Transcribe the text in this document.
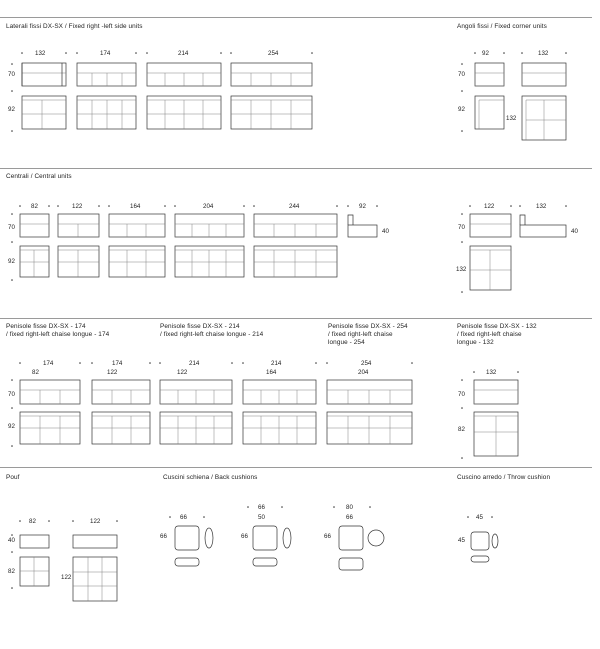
Laterali fissi DX-SX / Fixed right -left side units	Angoli fissi / Fixed corner units
Centrali / Central units
Penisole fisse DX-SX - 174
/ fixed right-left chaise longue - 174
Penisole fisse DX-SX - 214
/ fixed right-left chaise longue - 214
Penisole fisse DX-SX - 254
/ fixed right-left chaise
longue - 254
Penisole fisse DX-SX - 132
/ fixed right-left chaise
longue - 132
Pouf	Cuscini schiena / Back cushions	Cuscino arredo / Throw cushion
132	174	214	254
70
92
92	132
70
92
132
82	122	164	204	244	92
70
92
40
122	132
70
132
40
174
82
174
122
214
122
214
164
254
204	132
70
92
70
82
82	122
40
82
122
66
66
66
50
66
80
66
66
45
45
